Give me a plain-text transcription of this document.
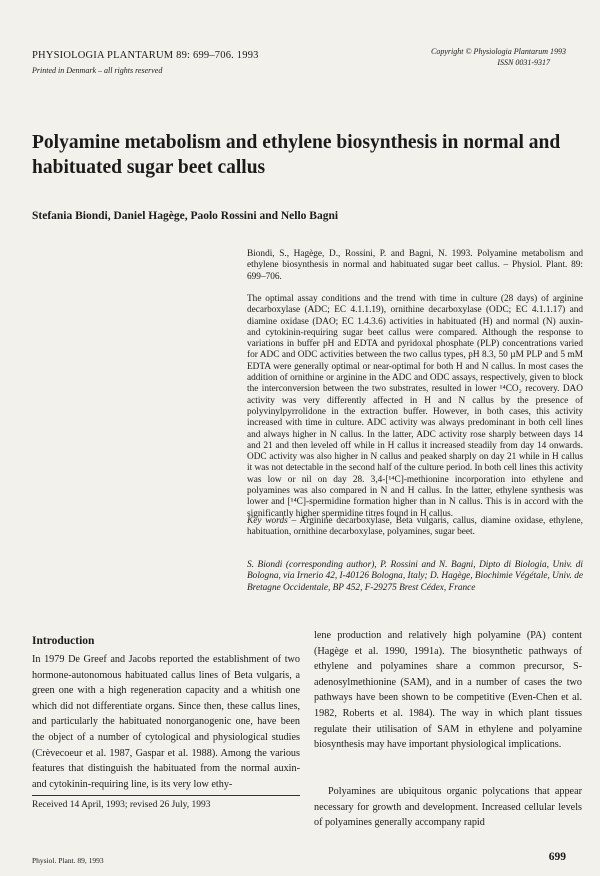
PHYSIOLOGIA PLANTARUM 89: 699–706. 1993
Printed in Denmark – all rights reserved
Copyright © Physiologia Plantarum 1993
ISSN 0031-9317
Polyamine metabolism and ethylene biosynthesis in normal and habituated sugar beet callus
Stefania Biondi, Daniel Hagège, Paolo Rossini and Nello Bagni
Biondi, S., Hagège, D., Rossini, P. and Bagni, N. 1993. Polyamine metabolism and ethylene biosynthesis in normal and habituated sugar beet callus. – Physiol. Plant. 89: 699–706.
The optimal assay conditions and the trend with time in culture (28 days) of arginine decarboxylase (ADC; EC 4.1.1.19), ornithine decarboxylase (ODC; EC 4.1.1.17) and diamine oxidase (DAO; EC 1.4.3.6) activities in habituated (H) and normal (N) auxin- and cytokinin-requiring sugar beet callus were compared. Although the response to variations in buffer pH and EDTA and pyridoxal phosphate (PLP) concentrations varied for ADC and ODC activities between the two callus types, pH 8.3, 50 µM PLP and 5 mM EDTA were generally optimal or near-optimal for both H and N callus. In most cases the addition of ornithine or arginine in the ADC and ODC assays, respectively, given to block the interconversion between the two substrates, resulted in lower ¹⁴CO₂ recovery. DAO activity was very differently affected in H and N callus by the presence of polyvinylpyrrolidone in the extraction buffer. However, in both cases, this activity increased with time in culture. ADC activity was always predominant in both cell lines and always higher in N callus. In the latter, ADC activity rose sharply between days 14 and 21 and then leveled off while in H callus it increased steadily from day 14 onwards. ODC activity was also higher in N callus and peaked sharply on day 21 while in H callus it was not detectable in the second half of the culture period. In both cell lines this activity was low or nil on day 28. 3,4-[¹⁴C]-methionine incorporation into ethylene and polyamines was also compared in N and H callus. In the latter, ethylene synthesis was lower and [¹⁴C]-spermidine formation higher than in N callus. This is in accord with the significantly higher spermidine titres found in H callus.
Key words – Arginine decarboxylase, Beta vulgaris, callus, diamine oxidase, ethylene, habituation, ornithine decarboxylase, polyamines, sugar beet.
S. Biondi (corresponding author), P. Rossini and N. Bagni, Dipto di Biologia, Univ. di Bologna, via Irnerio 42, I-40126 Bologna, Italy; D. Hagège, Biochimie Végétale, Univ. de Bretagne Occidentale, BP 452, F-29275 Brest Cédex, France
Introduction
In 1979 De Greef and Jacobs reported the establishment of two hormone-autonomous habituated callus lines of Beta vulgaris, a green one with a high regeneration capacity and a whitish one which did not differentiate organs. Since then, these callus lines, and particularly the habituated nonorganogenic one, have been the object of a number of cytological and physiological studies (Crèvecoeur et al. 1987, Gaspar et al. 1988). Among the various features that distinguish the habituated from the normal auxin- and cytokinin-requiring line, is its very low ethy-
lene production and relatively high polyamine (PA) content (Hagège et al. 1990, 1991a). The biosynthetic pathways of ethylene and polyamines share a common precursor, S-adenosylmethionine (SAM), and in a number of cases the two pathways have been shown to be competitive (Even-Chen et al. 1982, Roberts et al. 1984). The way in which plant tissues regulate their utilisation of SAM in ethylene and polyamine biosynthesis may have important physiological implications.
Polyamines are ubiquitous organic polycations that appear necessary for growth and development. Increased cellular levels of polyamines generally accompany rapid
Received 14 April, 1993; revised 26 July, 1993
Physiol. Plant. 89, 1993	699
